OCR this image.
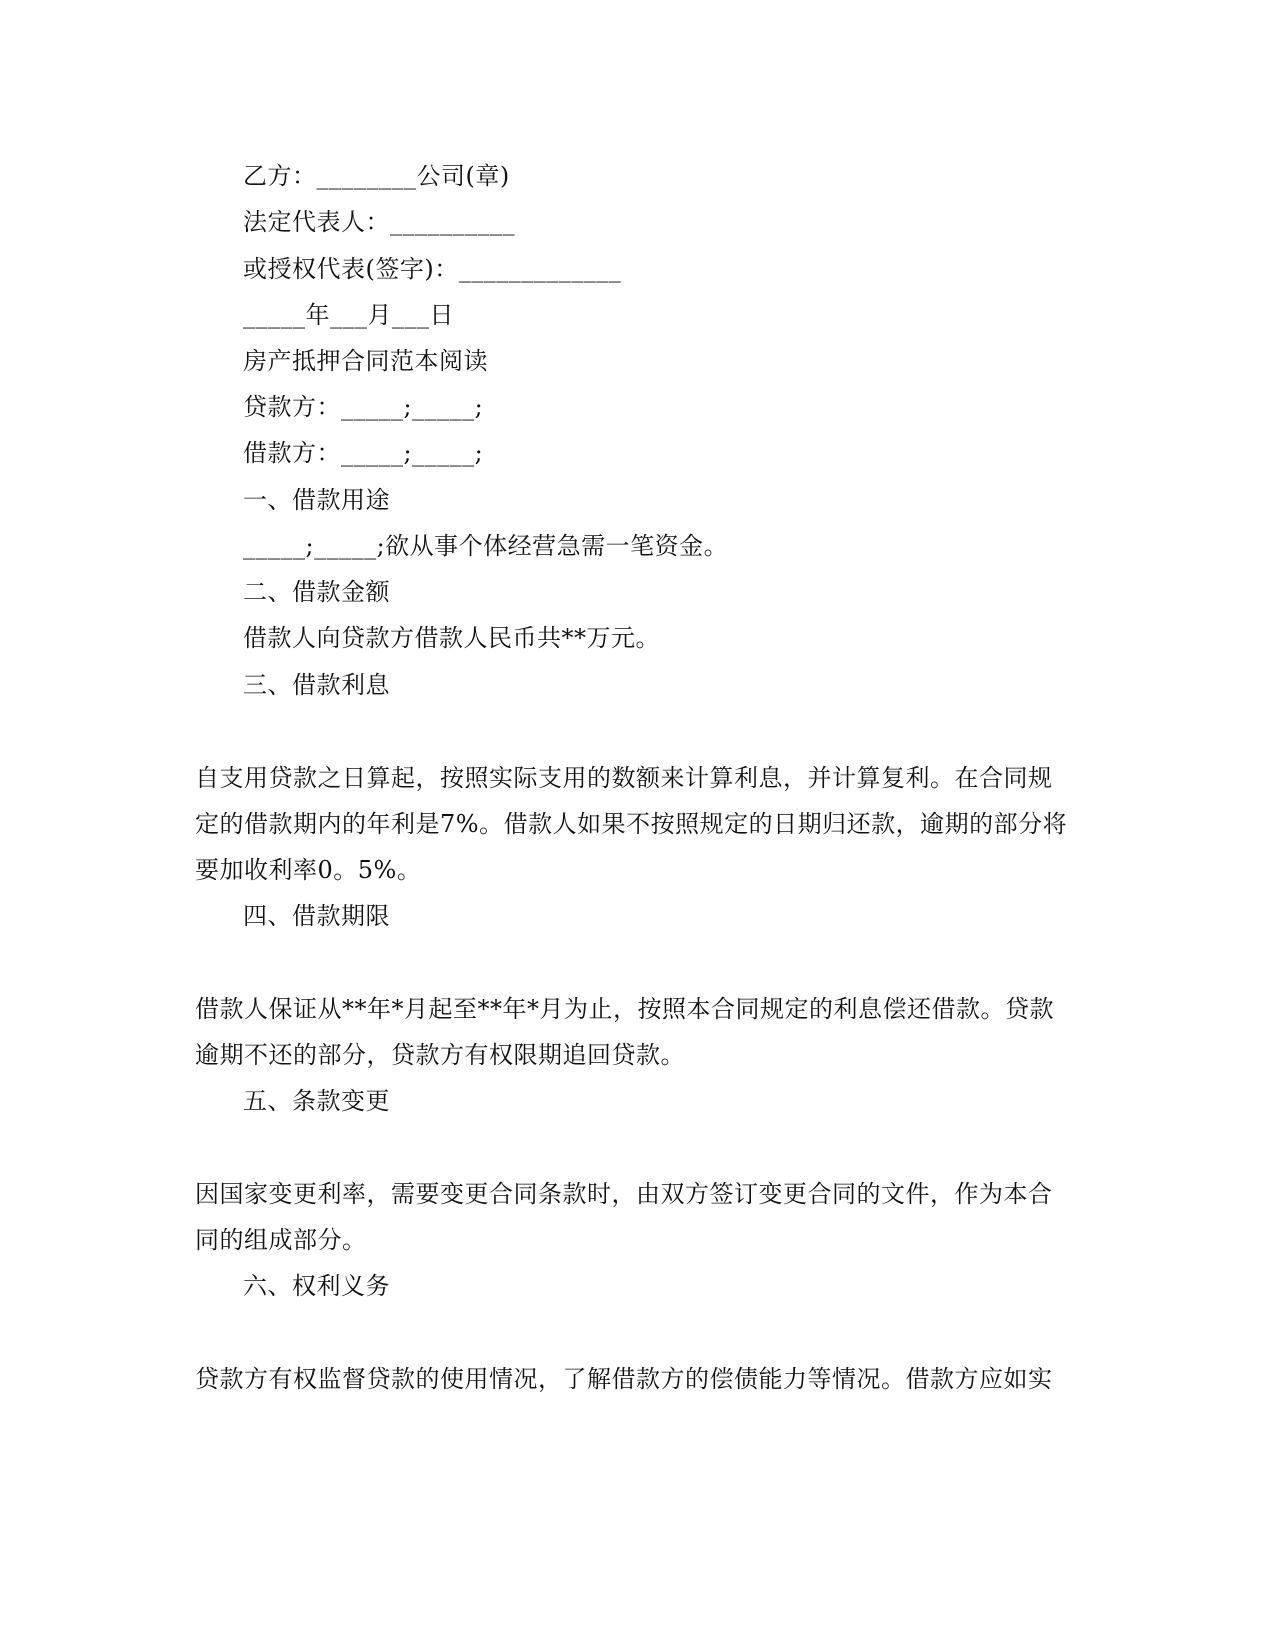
乙方：________公司(章)
法定代表人：__________
或授权代表(签字)：_____________
_____年___月___日
房产抵押合同范本阅读
贷款方：_____;_____;
借款方：_____;_____;
一、借款用途
_____;_____;欲从事个体经营急需一笔资金。
二、借款金额
借款人向贷款方借款人民币共**万元。
三、借款利息
自支用贷款之日算起，按照实际支用的数额来计算利息，并计算复利。在合同规
定的借款期内的年利是7%。借款人如果不按照规定的日期归还款，逾期的部分将
要加收利率0。5%。
四、借款期限
借款人保证从**年*月起至**年*月为止，按照本合同规定的利息偿还借款。贷款
逾期不还的部分，贷款方有权限期追回贷款。
五、条款变更
因国家变更利率，需要变更合同条款时，由双方签订变更合同的文件，作为本合
同的组成部分。
六、权利义务
贷款方有权监督贷款的使用情况，了解借款方的偿债能力等情况。借款方应如实
